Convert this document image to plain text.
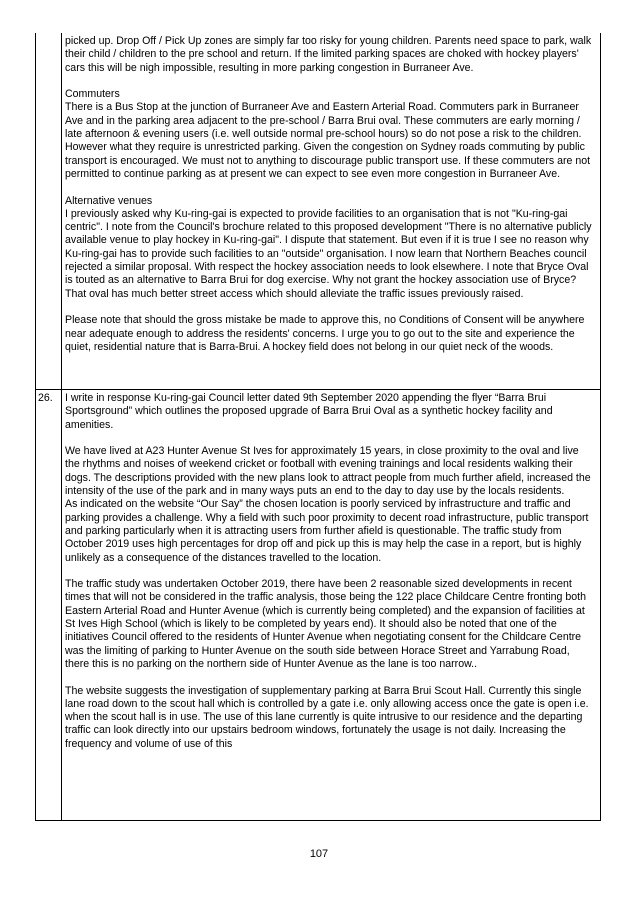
picked up. Drop Off / Pick Up zones are simply far too risky for young children. Parents need space to park, walk their child / children to the pre school and return. If the limited parking spaces are choked with hockey players' cars this will be nigh impossible, resulting in more parking congestion in Burraneer Ave.

Commuters

There is a Bus Stop at the junction of Burraneer Ave and Eastern Arterial Road. Commuters park in Burraneer Ave and in the parking area adjacent to the pre-school / Barra Brui oval. These commuters are early morning / late afternoon & evening users (i.e. well outside normal pre-school hours) so do not pose a risk to the children. However what they require is unrestricted parking. Given the congestion on Sydney roads commuting by public transport is encouraged. We must not to anything to discourage public transport use. If these commuters are not permitted to continue parking as at present we can expect to see even more congestion in Burraneer Ave.

Alternative venues

I previously asked why Ku-ring-gai is expected to provide facilities to an organisation that is not "Ku-ring-gai centric". I note from the Council's brochure related to this proposed development "There is no alternative publicly available venue to play hockey in Ku-ring-gai". I dispute that statement. But even if it is true I see no reason why Ku-ring-gai has to provide such facilities to an "outside" organisation. I now learn that Northern Beaches council rejected a similar proposal. With respect the hockey association needs to look elsewhere. I note that Bryce Oval is touted as an alternative to Barra Brui for dog exercise. Why not grant the hockey association use of Bryce? That oval has much better street access which should alleviate the traffic issues previously raised.

Please note that should the gross mistake be made to approve this, no Conditions of Consent will be anywhere near adequate enough to address the residents' concerns. I urge you to go out to the site and experience the quiet, residential nature that is Barra-Brui. A hockey field does not belong in our quiet neck of the woods.

26. I write in response Ku-ring-gai Council letter dated 9th September 2020 appending the flyer “Barra Brui Sportsground” which outlines the proposed upgrade of Barra Brui Oval as a synthetic hockey facility and amenities.

We have lived at A23 Hunter Avenue St Ives for approximately 15 years, in close proximity to the oval and live the rhythms and noises of weekend cricket or football with evening trainings and local residents walking their dogs. The descriptions provided with the new plans look to attract people from much further afield, increased the intensity of the use of the park and in many ways puts an end to the day to day use by the locals residents.

As indicated on the website “Our Say” the chosen location is poorly serviced by infrastructure and traffic and parking provides a challenge. Why a field with such poor proximity to decent road infrastructure, public transport and parking particularly when it is attracting users from further afield is questionable. The traffic study from October 2019 uses high percentages for drop off and pick up this is may help the case in a report, but is highly unlikely as a consequence of the distances travelled to the location.

The traffic study was undertaken October 2019, there have been 2 reasonable sized developments in recent times that will not be considered in the traffic analysis, those being the 122 place Childcare Centre fronting both Eastern Arterial Road and Hunter Avenue (which is currently being completed) and the expansion of facilities at St Ives High School (which is likely to be completed by years end). It should also be noted that one of the initiatives Council offered to the residents of Hunter Avenue when negotiating consent for the Childcare Centre was the limiting of parking to Hunter Avenue on the south side between Horace Street and Yarrabung Road, there this is no parking on the northern side of Hunter Avenue as the lane is too narrow..

The website suggests the investigation of supplementary parking at Barra Brui Scout Hall. Currently this single lane road down to the scout hall which is controlled by a gate i.e. only allowing access once the gate is open i.e. when the scout hall is in use. The use of this lane currently is quite intrusive to our residence and the departing traffic can look directly into our upstairs bedroom windows, fortunately the usage is not daily. Increasing the frequency and volume of use of this

107
